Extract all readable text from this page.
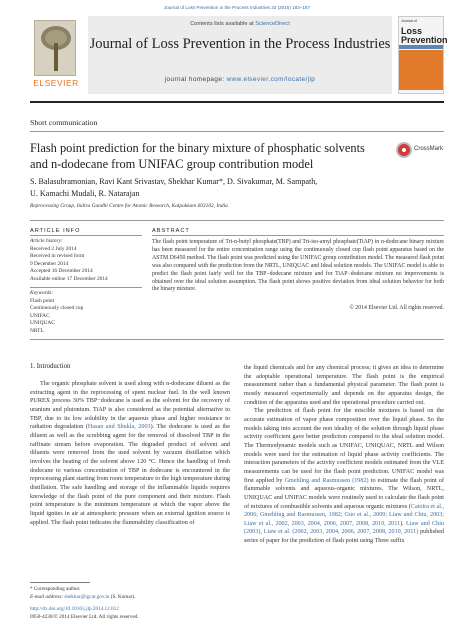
Journal of Loss Prevention in the Process Industries 33 (2015) 183–187
ELSEVIER
Contents lists available at ScienceDirect
Journal of Loss Prevention in the Process Industries
journal homepage: www.elsevier.com/locate/jlp
Journal of
Loss Prevention
Short communication
Flash point prediction for the binary mixture of phosphatic solvents and n-dodecane from UNIFAC group contribution model
CrossMark
S. Balasubramonian, Ravi Kant Srivastav, Shekhar Kumar*, D. Sivakumar, M. Sampath,
U. Kamachi Mudali, R. Natarajan
Reprocessing Group, Indira Gandhi Centre for Atomic Research, Kalpakkam 603102, India
ARTICLE INFO	ABSTRACT
Article history:
Received 2 July 2014
Received in revised form
9 December 2014
Accepted 16 December 2014
Available online 17 December 2014
Keywords:
Flash point
Continuously closed cup
UNIFAC
UNIQUAC
NRTL
The flash point temperature of Tri-n-butyl phosphate(TBP) and Tri-iso-amyl phosphate(TiAP) in n-dodecane binary mixture has been measured for the entire concentration range using the continuously closed cup flash point apparatus based on the ASTM D6450 method. The flash point was predicted using the UNIFAC group contribution model. The measured flash point was also compared with the prediction from the NRTL, UNIQUAC and Ideal solution models. The UNIFAC model is able to predict the flash point fairly well for the TBP−dodecane mixture and for TiAP−dodecane mixture no improvements is obtained over the ideal solution assumption. The flash point shows positive deviation from ideal solution behavior for both the binary mixture.
© 2014 Elsevier Ltd. All rights reserved.
1. Introduction
The organic phosphate solvent is used along with n-dodecane diluent as the extracting agent in the reprocessing of spent nuclear fuel. In the well known PUREX process 30% TBP−dodecane is used as the solvent for the recovery of uranium and plutonium. TiAP is also considered as the potential alternative to TBP, due to its low solubility in the aqueous phase and higher resistance to radiation degradation (Hasan and Shukla, 2003). The dodecane is used as the diluent as well as the scrubbing agent for the removal of dissolved TBP in the raffinate stream before evaporation. The degraded product of solvent and diluents were removed from the used solvent by vacuum distillation which involves the heating of the solvent above 120 °C. Hence the handling of fresh dodecane to various concentration of TBP in dodecane is encountered in the reprocessing plant starting from room temperature to the high temperature during distillation. The safe handling and storage of the inflammable liquids requires knowledge of the flash point of the pure component and their mixture. Flash point temperature is the minimum temperature at which the vapor above the liquid ignites in air at atmospheric pressure when an external ignition source is applied. The flash point indicates the flammability classification of
the liquid chemicals and for any chemical process; it gives an idea to determine the adoptable operational temperature. The flash point is the empirical measurement rather than a fundamental physical parameter. The flash point is mostly measured experimentally and depends on the apparatus design, the condition of the apparatus used and the operational procedure carried out.
The prediction of flash point for the miscible mixtures is based on the accurate estimation of vapor phase composition over the liquid phase. So the models taking into account the non ideality of the solution through liquid phase activity coefficient gave better prediction compared to the ideal solution model. The Thermodynamic models such as UNIFAC, UNIQUAC, NRTL and Wilson models were used for the estimation of liquid phase activity coefficients. The interaction parameters of the activity coefficient models estimated from the VLE measurements can be used for the flash point prediction. UNIFAC model was first applied by Gmehling and Rasmussen (1982) to estimate the flash point of flammable solvents and aqueous-organic mixtures. The Wilson, NRTL, UNIQUAC and UNIFAC models were routinely used to calculate the flash point of mixtures of combustible solvents and aqueous organic mixtures (Catoira et al., 2006; Gmehling and Rasmussen, 1982; Guo et al., 2009; Liaw and Chiu, 2003; Liaw et al., 2002, 2003, 2004, 2006, 2007, 2008, 2010, 2011). Liaw and Chiu (2003), Liaw et al. (2002, 2003, 2004, 2006, 2007, 2008, 2010, 2011) published series of paper for the prediction of flash point using Three suffix
* Corresponding author.
E-mail address: shekhar@igcar.gov.in (S. Kumar).
http://dx.doi.org/10.1016/j.jlp.2014.12.012
0950-4230/© 2014 Elsevier Ltd. All rights reserved.
